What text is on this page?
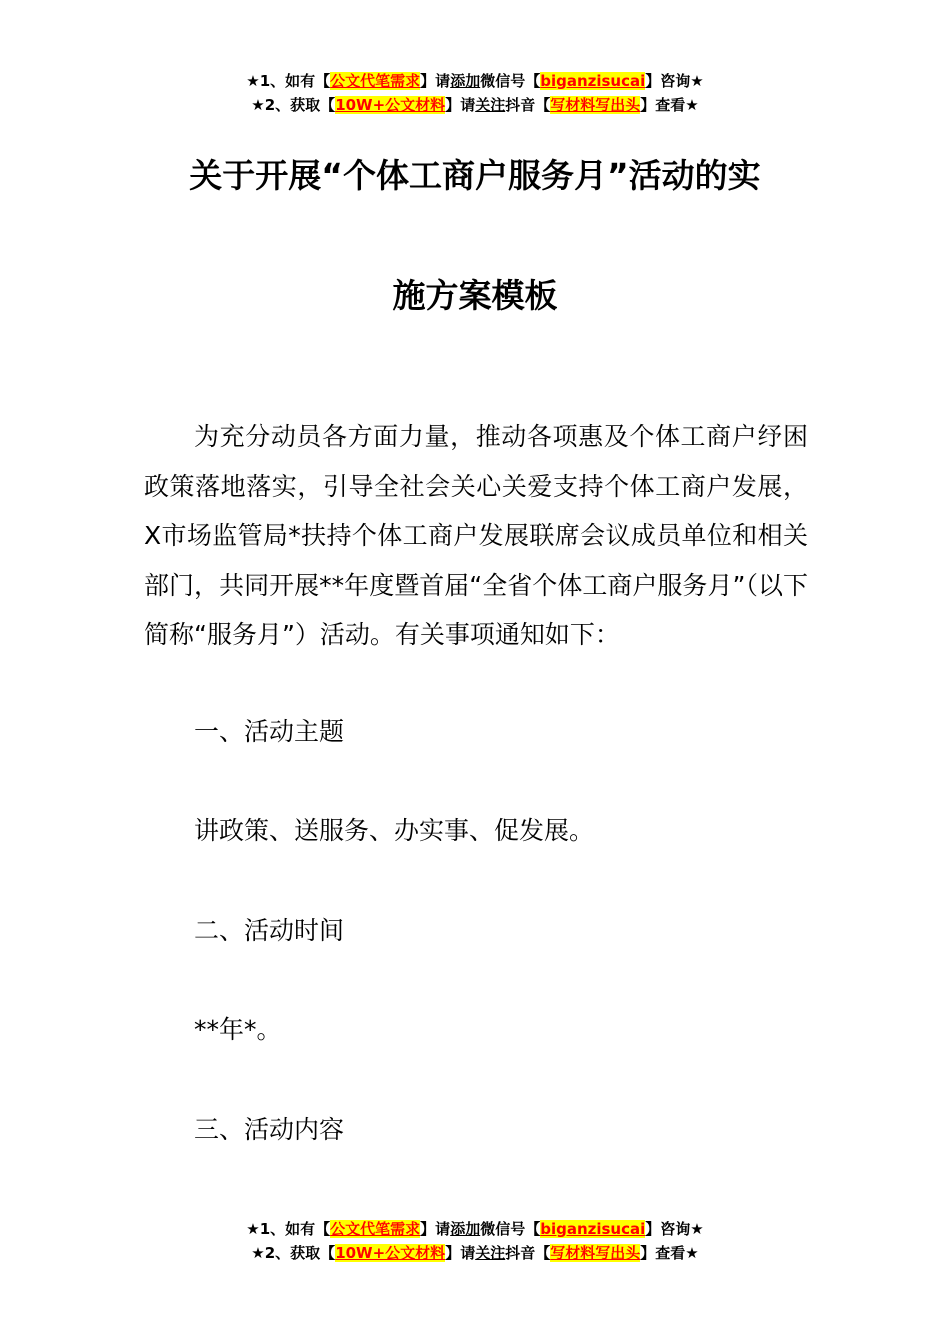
★1、如有【公文代笔需求】请添加微信号【biganzisucai】咨询★
★2、获取【10W+公文材料】请关注抖音【写材料写出头】查看★
关于开展“个体工商户服务月”活动的实
施方案模板
为充分动员各方面力量，推动各项惠及个体工商户纾困政策落地落实，引导全社会关心关爱支持个体工商户发展，X市场监管局*扶持个体工商户发展联席会议成员单位和相关部门，共同开展**年度暨首届“全省个体工商户服务月”（以下简称“服务月”）活动。有关事项通知如下：
一、活动主题
讲政策、送服务、办实事、促发展。
二、活动时间
**年*。
三、活动内容
★1、如有【公文代笔需求】请添加微信号【biganzisucai】咨询★
★2、获取【10W+公文材料】请关注抖音【写材料写出头】查看★
